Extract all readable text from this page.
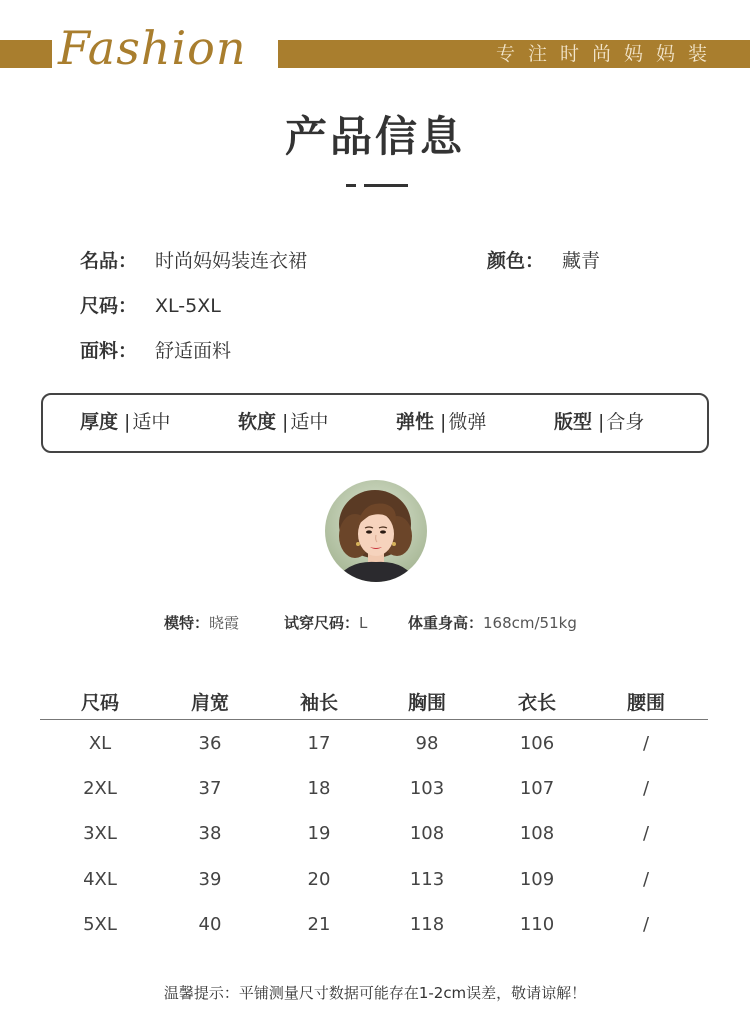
Fashion	专注时尚妈妈装
产品信息
名品： 时尚妈妈装连衣裙	颜色： 藏青
尺码： XL-5XL
面料： 舒适面料
厚度 | 适中	软度 | 适中	弹性 | 微弹	版型 | 合身
模特：晓霞	试穿尺码：L	体重身高：168cm/51kg
尺码	肩宽	袖长	胸围	衣长	腰围
XL	36	17	98	106	/
2XL	37	18	103	107	/
3XL	38	19	108	108	/
4XL	39	20	113	109	/
5XL	40	21	118	110	/
温馨提示：平铺测量尺寸数据可能存在1-2cm误差，敬请谅解！
